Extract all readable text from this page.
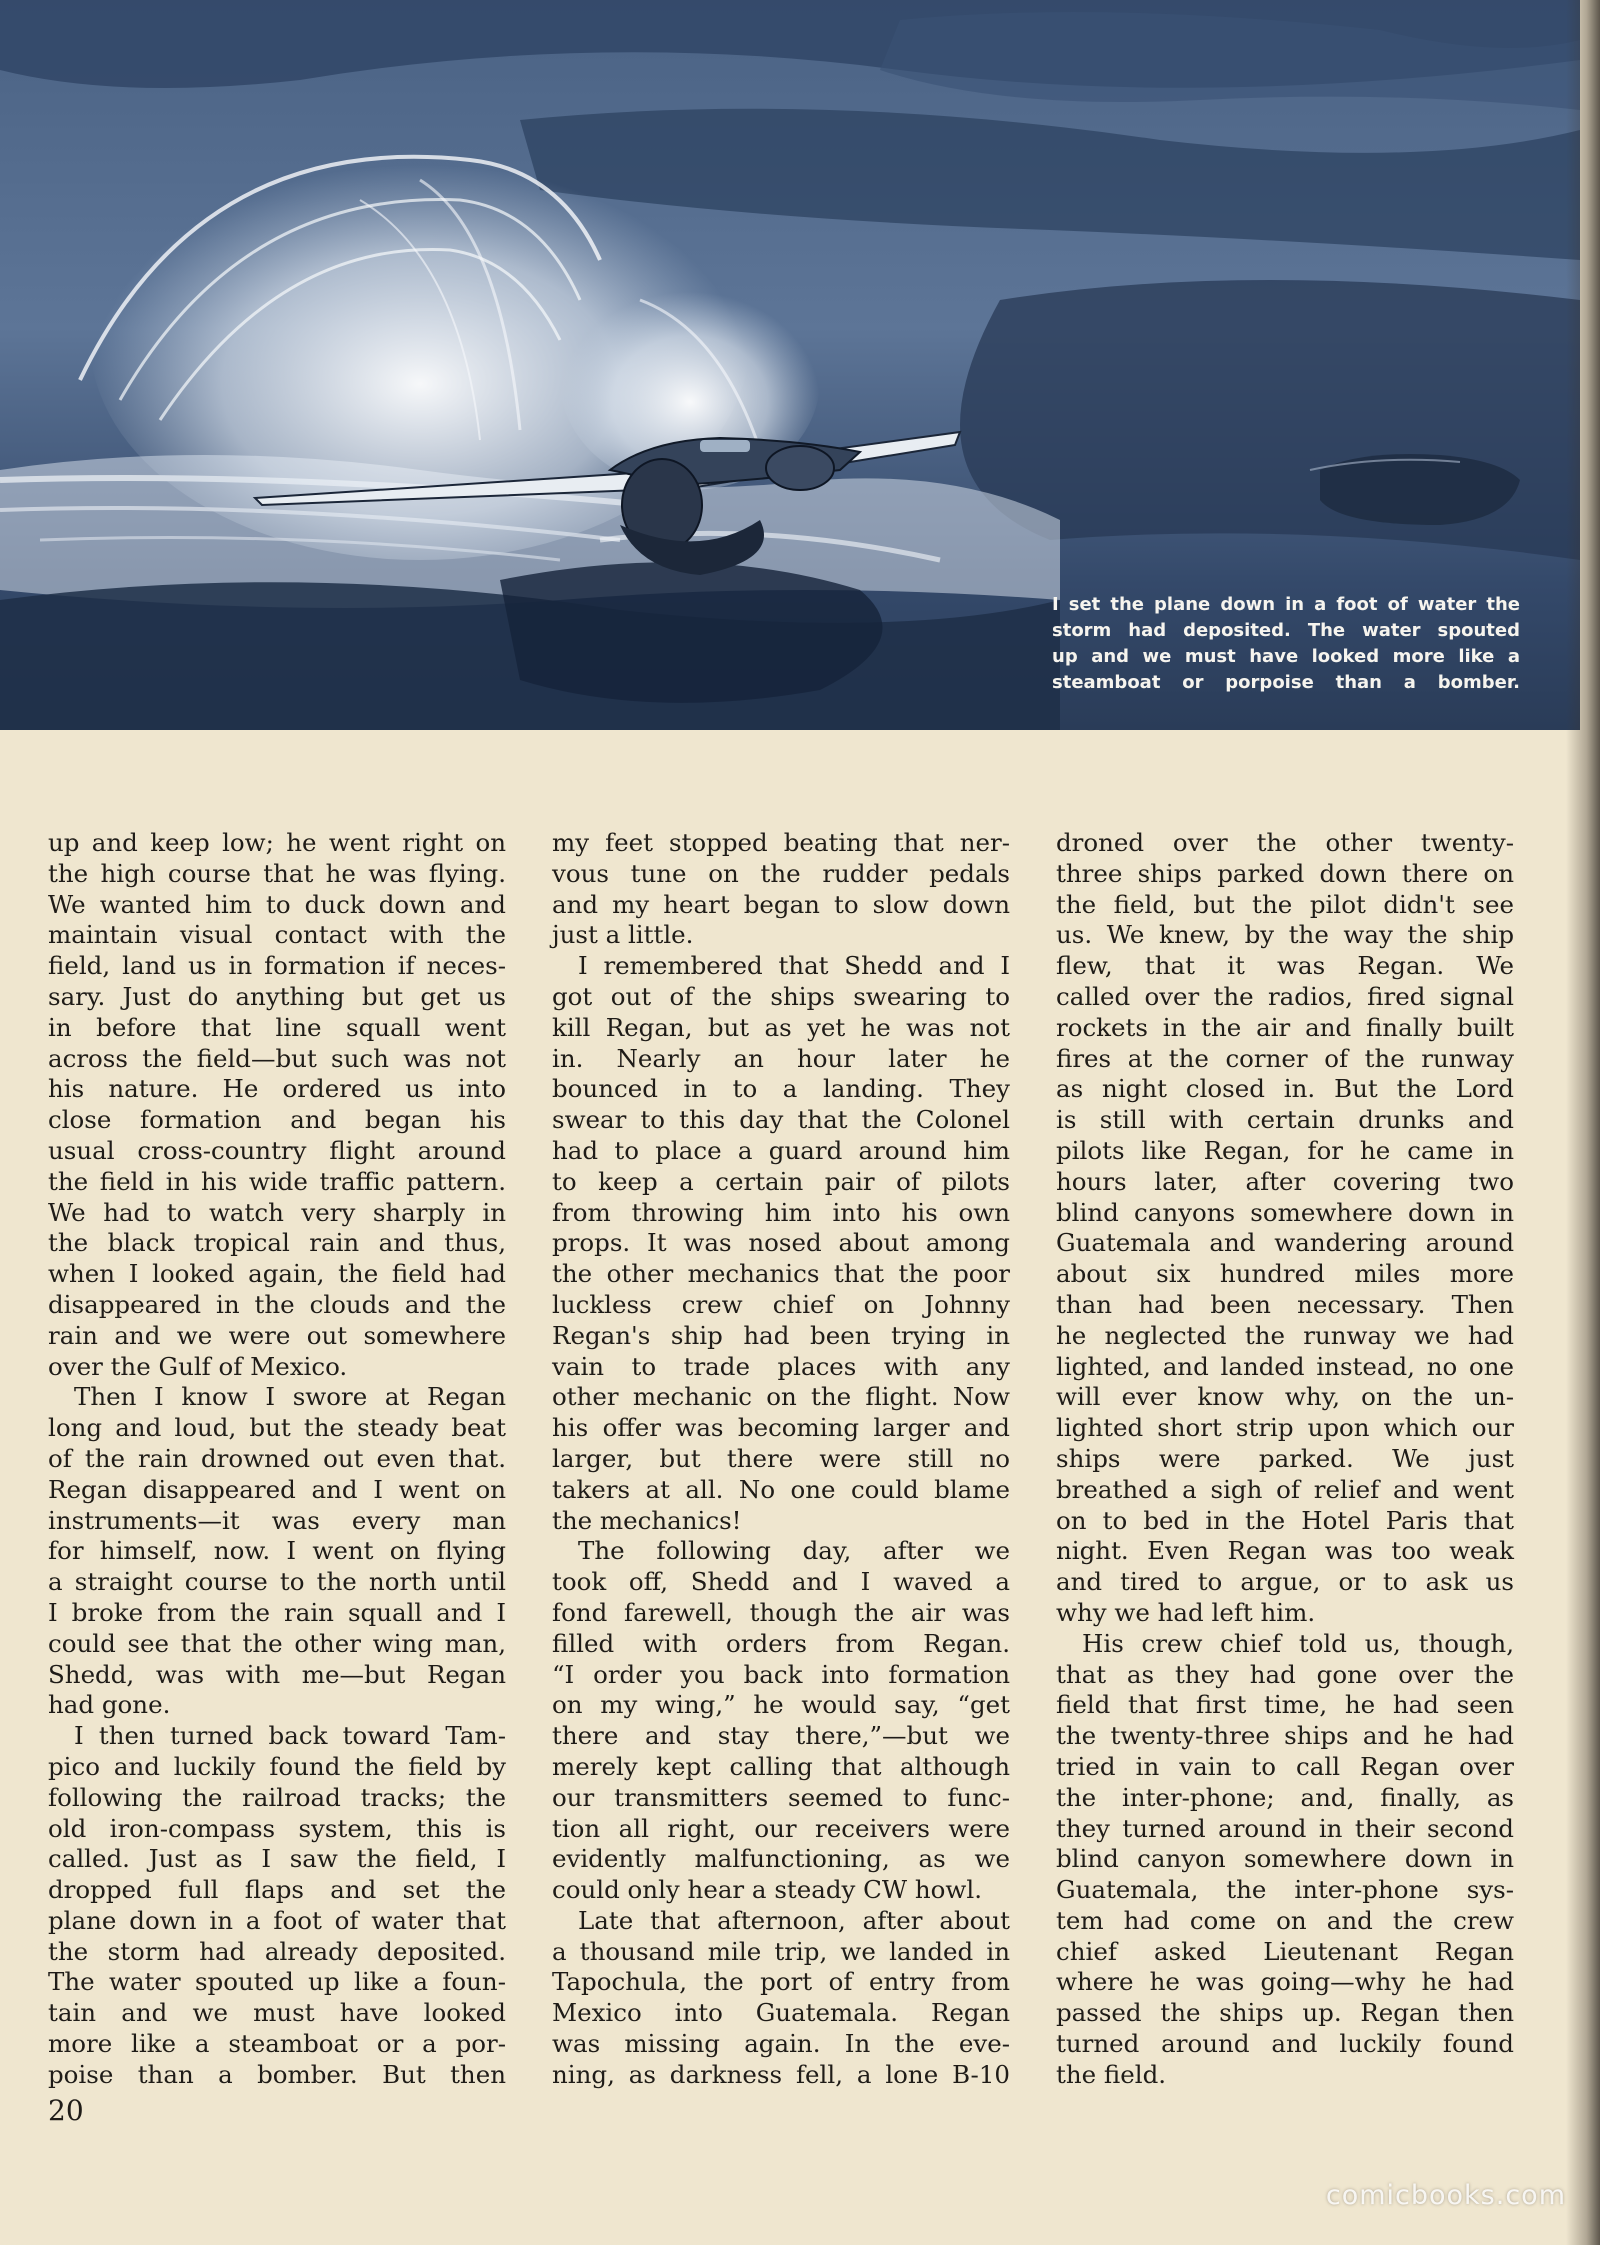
I set the plane down in a foot of water the
storm had deposited. The water spouted
up and we must have looked more like a
steamboat or porpoise than a bomber.
up and keep low; he went right on
the high course that he was flying.
We wanted him to duck down and
maintain visual contact with the
field, land us in formation if neces-
sary. Just do anything but get us
in before that line squall went
across the field—but such was not
his nature. He ordered us into
close formation and began his
usual cross-country flight around
the field in his wide traffic pattern.
We had to watch very sharply in
the black tropical rain and thus,
when I looked again, the field had
disappeared in the clouds and the
rain and we were out somewhere
over the Gulf of Mexico.
Then I know I swore at Regan
long and loud, but the steady beat
of the rain drowned out even that.
Regan disappeared and I went on
instruments—it was every man
for himself, now. I went on flying
a straight course to the north until
I broke from the rain squall and I
could see that the other wing man,
Shedd, was with me—but Regan
had gone.
I then turned back toward Tam-
pico and luckily found the field by
following the railroad tracks; the
old iron-compass system, this is
called. Just as I saw the field, I
dropped full flaps and set the
plane down in a foot of water that
the storm had already deposited.
The water spouted up like a foun-
tain and we must have looked
more like a steamboat or a por-
poise than a bomber. But then
my feet stopped beating that ner-
vous tune on the rudder pedals
and my heart began to slow down
just a little.
I remembered that Shedd and I
got out of the ships swearing to
kill Regan, but as yet he was not
in. Nearly an hour later he
bounced in to a landing. They
swear to this day that the Colonel
had to place a guard around him
to keep a certain pair of pilots
from throwing him into his own
props. It was nosed about among
the other mechanics that the poor
luckless crew chief on Johnny
Regan's ship had been trying in
vain to trade places with any
other mechanic on the flight. Now
his offer was becoming larger and
larger, but there were still no
takers at all. No one could blame
the mechanics!
The following day, after we
took off, Shedd and I waved a
fond farewell, though the air was
filled with orders from Regan.
“I order you back into formation
on my wing,” he would say, “get
there and stay there,”—but we
merely kept calling that although
our transmitters seemed to func-
tion all right, our receivers were
evidently malfunctioning, as we
could only hear a steady CW howl.
Late that afternoon, after about
a thousand mile trip, we landed in
Tapochula, the port of entry from
Mexico into Guatemala. Regan
was missing again. In the eve-
ning, as darkness fell, a lone B-10
droned over the other twenty-
three ships parked down there on
the field, but the pilot didn't see
us. We knew, by the way the ship
flew, that it was Regan. We
called over the radios, fired signal
rockets in the air and finally built
fires at the corner of the runway
as night closed in. But the Lord
is still with certain drunks and
pilots like Regan, for he came in
hours later, after covering two
blind canyons somewhere down in
Guatemala and wandering around
about six hundred miles more
than had been necessary. Then
he neglected the runway we had
lighted, and landed instead, no one
will ever know why, on the un-
lighted short strip upon which our
ships were parked. We just
breathed a sigh of relief and went
on to bed in the Hotel Paris that
night. Even Regan was too weak
and tired to argue, or to ask us
why we had left him.
His crew chief told us, though,
that as they had gone over the
field that first time, he had seen
the twenty-three ships and he had
tried in vain to call Regan over
the inter-phone; and, finally, as
they turned around in their second
blind canyon somewhere down in
Guatemala, the inter-phone sys-
tem had come on and the crew
chief asked Lieutenant Regan
where he was going—why he had
passed the ships up. Regan then
turned around and luckily found
the field.
20
comicbooks.com
